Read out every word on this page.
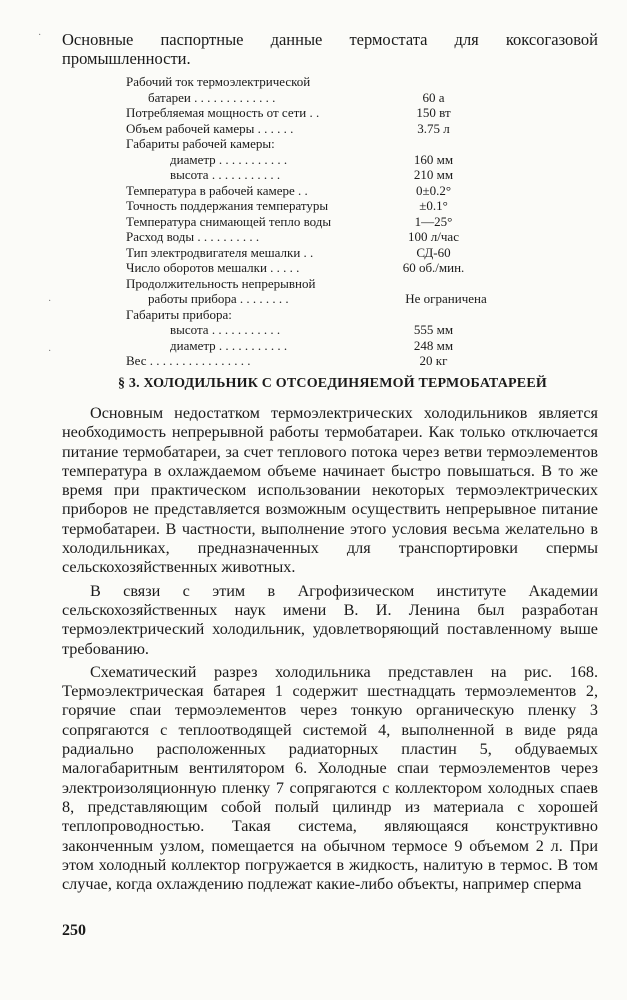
Основные паспортные данные термостата для коксогазовой промышленности.

Рабочий ток термоэлектрической
батареи . . . . . . . . . . . . .	60 а
Потребляемая мощность от сети . .	150 вт
Объем рабочей камеры . . . . . .	3.75 л
Габариты рабочей камеры:
диаметр . . . . . . . . . . .	160 мм
высота . . . . . . . . . . .	210 мм
Температура в рабочей камере . .	0±0.2°
Точность поддержания температуры	±0.1°
Температура снимающей тепло воды	1—25°
Расход воды . . . . . . . . . .	100 л/час
Тип электродвигателя мешалки . .	СД-60
Число оборотов мешалки . . . . .	60 об./мин.
Продолжительность непрерывной
работы прибора . . . . . . . .	Не ограничена
Габариты прибора:
высота . . . . . . . . . . .	555 мм
диаметр . . . . . . . . . . .	248 мм
Вес . . . . . . . . . . . . . . . .	20 кг
§ 3. ХОЛОДИЛЬНИК С ОТСОЕДИНЯЕМОЙ ТЕРМОБАТАРЕЕЙ

Основным недостатком термоэлектрических холодильников является необходимость непрерывной работы термобатареи. Как только отключается питание термобатареи, за счет теплового потока через ветви термоэлементов температура в охлаждаемом объеме начинает быстро повышаться. В то же время при практическом использовании некоторых термоэлектрических приборов не представляется возможным осуществить непрерывное питание термобатареи. В частности, выполнение этого условия весьма желательно в холодильниках, предназначенных для транспортировки спермы сельскохозяйственных животных.

В связи с этим в Агрофизическом институте Академии сельскохозяйственных наук имени В. И. Ленина был разработан термоэлектрический холодильник, удовлетворяющий поставленному выше требованию.

Схематический разрез холодильника представлен на рис. 168. Термоэлектрическая батарея 1 содержит шестнадцать термоэлементов 2, горячие спаи термоэлементов через тонкую органическую пленку 3 сопрягаются с теплоотводящей системой 4, выполненной в виде ряда радиально расположенных радиаторных пластин 5, обдуваемых малогабаритным вентилятором 6. Холодные спаи термоэлементов через электроизоляционную пленку 7 сопрягаются с коллектором холодных спаев 8, представляющим собой полый цилиндр из материала с хорошей теплопроводностью. Такая система, являющаяся конструктивно законченным узлом, помещается на обычном термосе 9 объемом 2 л. При этом холодный коллектор погружается в жидкость, налитую в термос. В том случае, когда охлаждению подлежат какие-либо объекты, например сперма

250
·
·
·
